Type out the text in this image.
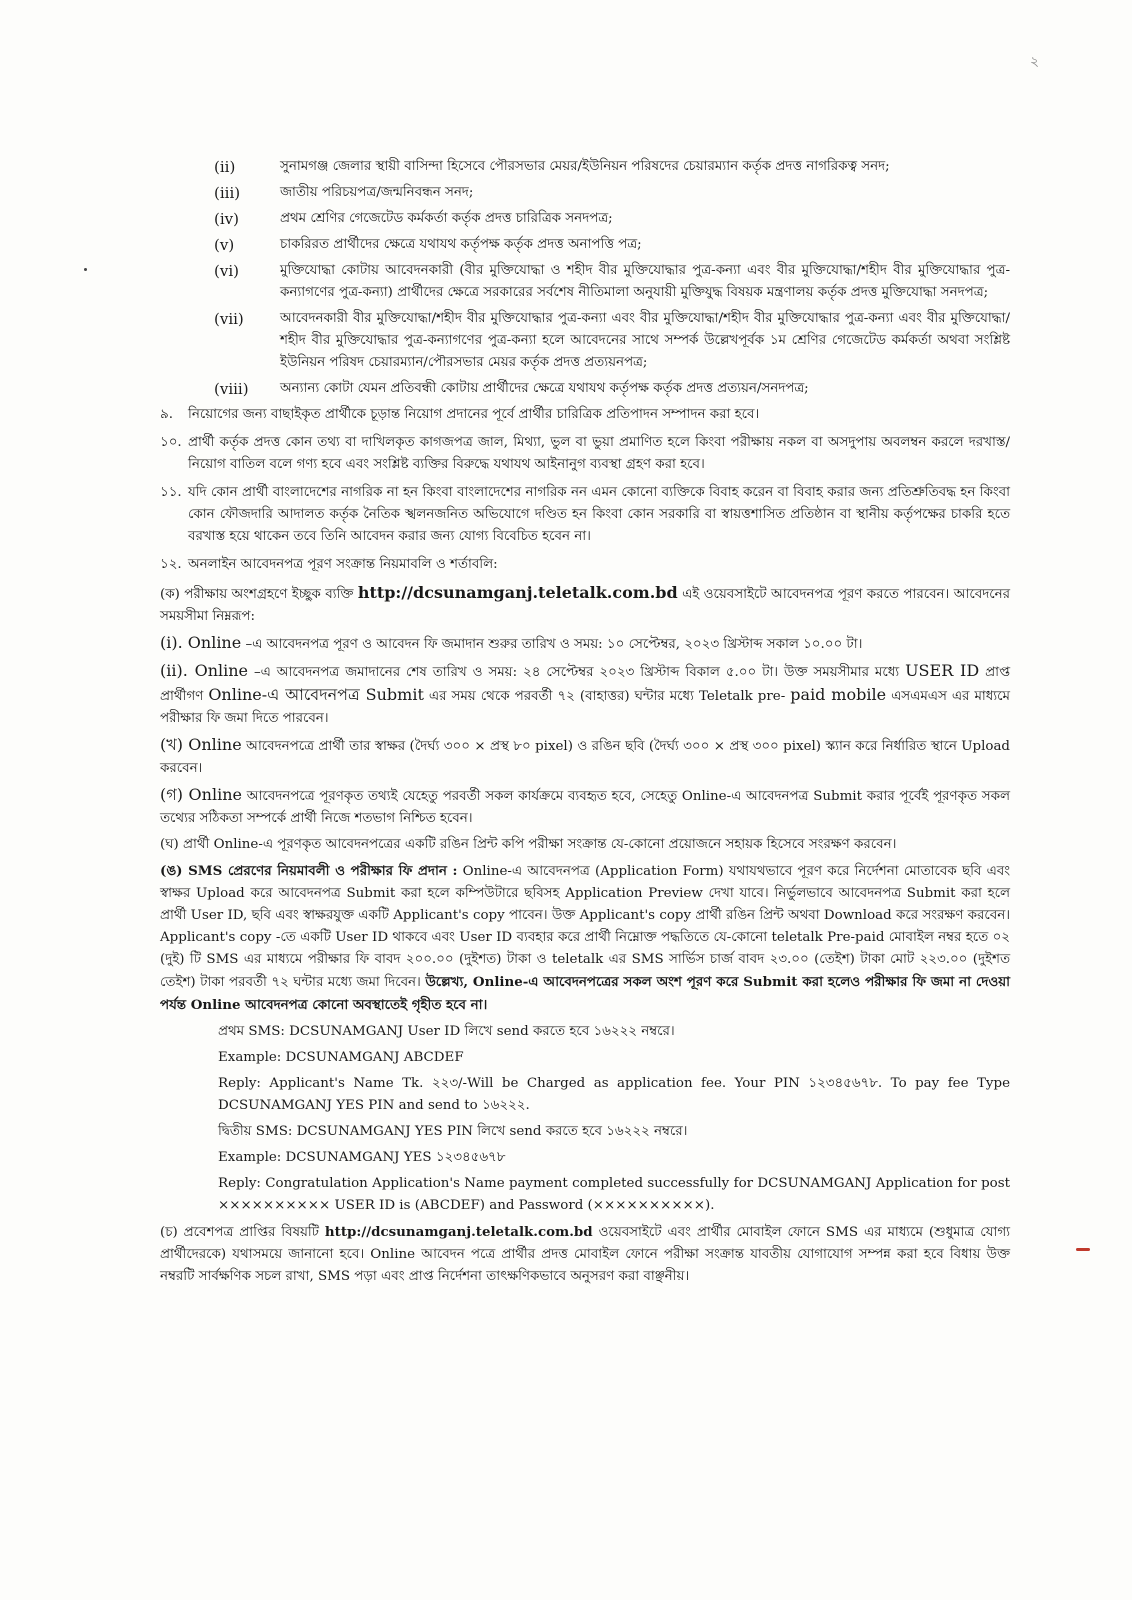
২
(ii)	সুনামগঞ্জ জেলার স্থায়ী বাসিন্দা হিসেবে পৌরসভার মেয়র/ইউনিয়ন পরিষদের চেয়ারম্যান কর্তৃক প্রদত্ত নাগরিকত্ব সনদ;
(iii)	জাতীয় পরিচয়পত্র/জন্মনিবন্ধন সনদ;
(iv)	প্রথম শ্রেণির গেজেটেড কর্মকর্তা কর্তৃক প্রদত্ত চারিত্রিক সনদপত্র;
(v)	চাকরিরত প্রার্থীদের ক্ষেত্রে যথাযথ কর্তৃপক্ষ কর্তৃক প্রদত্ত অনাপত্তি পত্র;
(vi)	মুক্তিযোদ্ধা কোটায় আবেদনকারী (বীর মুক্তিযোদ্ধা ও শহীদ বীর মুক্তিযোদ্ধার পুত্র-কন্যা এবং বীর মুক্তিযোদ্ধা/শহীদ বীর মুক্তিযোদ্ধার পুত্র-কন্যাগণের পুত্র-কন্যা) প্রার্থীদের ক্ষেত্রে সরকারের সর্বশেষ নীতিমালা অনুযায়ী মুক্তিযুদ্ধ বিষয়ক মন্ত্রণালয় কর্তৃক প্রদত্ত মুক্তিযোদ্ধা সনদপত্র;
(vii)	আবেদনকারী বীর মুক্তিযোদ্ধা/শহীদ বীর মুক্তিযোদ্ধার পুত্র-কন্যা এবং বীর মুক্তিযোদ্ধা/শহীদ বীর মুক্তিযোদ্ধার পুত্র-কন্যা এবং বীর মুক্তিযোদ্ধা/শহীদ বীর মুক্তিযোদ্ধার পুত্র-কন্যাগণের পুত্র-কন্যা হলে আবেদনের সাথে সম্পর্ক উল্লেখপূর্বক ১ম শ্রেণির গেজেটেড কর্মকর্তা অথবা সংশ্লিষ্ট ইউনিয়ন পরিষদ চেয়ারম্যান/পৌরসভার মেয়র কর্তৃক প্রদত্ত প্রত্যয়নপত্র;
(viii)	অন্যান্য কোটা যেমন প্রতিবন্ধী কোটায় প্রার্থীদের ক্ষেত্রে যথাযথ কর্তৃপক্ষ কর্তৃক প্রদত্ত প্রত্যয়ন/সনদপত্র;
৯.	নিয়োগের জন্য বাছাইকৃত প্রার্থীকে চূড়ান্ত নিয়োগ প্রদানের পূর্বে প্রার্থীর চারিত্রিক প্রতিপাদন সম্পাদন করা হবে।
১০. প্রার্থী কর্তৃক প্রদত্ত কোন তথ্য বা দাখিলকৃত কাগজপত্র জাল, মিথ্যা, ভুল বা ভুয়া প্রমাণিত হলে কিংবা পরীক্ষায় নকল বা অসদুপায় অবলম্বন করলে দরখাস্ত/নিয়োগ বাতিল বলে গণ্য হবে এবং সংশ্লিষ্ট ব্যক্তির বিরুদ্ধে যথাযথ আইনানুগ ব্যবস্থা গ্রহণ করা হবে।
১১. যদি কোন প্রার্থী বাংলাদেশের নাগরিক না হন কিংবা বাংলাদেশের নাগরিক নন এমন কোনো ব্যক্তিকে বিবাহ করেন বা বিবাহ করার জন্য প্রতিশ্রুতিবদ্ধ হন কিংবা কোন ফৌজদারি আদালত কর্তৃক নৈতিক স্খলনজনিত অভিযোগে দণ্ডিত হন কিংবা কোন সরকারি বা স্বায়ত্তশাসিত প্রতিষ্ঠান বা স্থানীয় কর্তৃপক্ষের চাকরি হতে বরখাস্ত হয়ে থাকেন তবে তিনি আবেদন করার জন্য যোগ্য বিবেচিত হবেন না।
১২. অনলাইন আবেদনপত্র পূরণ সংক্রান্ত নিয়মাবলি ও শর্তাবলি:

(ক) পরীক্ষায় অংশগ্রহণে ইচ্ছুক ব্যক্তি http://dcsunamganj.teletalk.com.bd এই ওয়েবসাইটে আবেদনপত্র পূরণ করতে পারবেন। আবেদনের সময়সীমা নিম্নরূপ:

(i). Online –এ আবেদনপত্র পূরণ ও আবেদন ফি জমাদান শুরুর তারিখ ও সময়: ১০ সেপ্টেম্বর, ২০২৩ খ্রিস্টাব্দ সকাল ১০.০০ টা।

(ii). Online –এ আবেদনপত্র জমাদানের শেষ তারিখ ও সময়: ২৪ সেপ্টেম্বর ২০২৩ খ্রিস্টাব্দ বিকাল ৫.০০ টা। উক্ত সময়সীমার মধ্যে USER ID প্রাপ্ত প্রার্থীগণ Online-এ আবেদনপত্র Submit এর সময় থেকে পরবর্তী ৭২ (বাহাত্তর) ঘন্টার মধ্যে Teletalk pre- paid mobile এসএমএস এর মাধ্যমে পরীক্ষার ফি জমা দিতে পারবেন।

(খ) Online আবেদনপত্রে প্রার্থী তার স্বাক্ষর (দৈর্ঘ্য ৩০০ × প্রস্থ ৮০ pixel) ও রঙিন ছবি (দৈর্ঘ্য ৩০০ × প্রস্থ ৩০০ pixel) স্ক্যান করে নির্ধারিত স্থানে Upload করবেন।

(গ) Online আবেদনপত্রে পূরণকৃত তথ্যই যেহেতু পরবর্তী সকল কার্যক্রমে ব্যবহৃত হবে, সেহেতু Online-এ আবেদনপত্র Submit করার পূর্বেই পূরণকৃত সকল তথ্যের সঠিকতা সম্পর্কে প্রার্থী নিজে শতভাগ নিশ্চিত হবেন।

(ঘ) প্রার্থী Online-এ পূরণকৃত আবেদনপত্রের একটি রঙিন প্রিন্ট কপি পরীক্ষা সংক্রান্ত যে-কোনো প্রয়োজনে সহায়ক হিসেবে সংরক্ষণ করবেন।

(ঙ) SMS প্রেরণের নিয়মাবলী ও পরীক্ষার ফি প্রদান : Online-এ আবেদনপত্র (Application Form) যথাযথভাবে পূরণ করে নির্দেশনা মোতাবেক ছবি এবং স্বাক্ষর Upload করে আবেদনপত্র Submit করা হলে কম্পিউটারে ছবিসহ Application Preview দেখা যাবে। নির্ভুলভাবে আবেদনপত্র Submit করা হলে প্রার্থী User ID, ছবি এবং স্বাক্ষরযুক্ত একটি Applicant's copy পাবেন। উক্ত Applicant's copy প্রার্থী রঙিন প্রিন্ট অথবা Download করে সংরক্ষণ করবেন। Applicant's copy -তে একটি User ID থাকবে এবং User ID ব্যবহার করে প্রার্থী নিম্নোক্ত পদ্ধতিতে যে-কোনো teletalk Pre-paid মোবাইল নম্বর হতে ০২ (দুই) টি SMS এর মাধ্যমে পরীক্ষার ফি বাবদ ২০০.০০ (দুইশত) টাকা ও teletalk এর SMS সার্ভিস চার্জ বাবদ ২৩.০০ (তেইশ) টাকা মোট ২২৩.০০ (দুইশত তেইশ) টাকা পরবর্তী ৭২ ঘন্টার মধ্যে জমা দিবেন। উল্লেখ্য, Online-এ আবেদনপত্রের সকল অংশ পূরণ করে Submit করা হলেও পরীক্ষার ফি জমা না দেওয়া পর্যন্ত Online আবেদনপত্র কোনো অবস্থাতেই গৃহীত হবে না।

প্রথম SMS: DCSUNAMGANJ User ID লিখে send করতে হবে ১৬২২২ নম্বরে।

Example: DCSUNAMGANJ ABCDEF

Reply: Applicant's Name Tk. ২২৩/-Will be Charged as application fee. Your PIN ১২৩৪৫৬৭৮. To pay fee Type DCSUNAMGANJ YES PIN and send to ১৬২২২.

দ্বিতীয় SMS: DCSUNAMGANJ YES PIN লিখে send করতে হবে ১৬২২২ নম্বরে।

Example: DCSUNAMGANJ YES ১২৩৪৫৬৭৮

Reply: Congratulation Application's Name payment completed successfully for DCSUNAMGANJ Application for post ×××××××××× USER ID is (ABCDEF) and Password (××××××××××).

(চ) প্রবেশপত্র প্রাপ্তির বিষয়টি http://dcsunamganj.teletalk.com.bd ওয়েবসাইটে এবং প্রার্থীর মোবাইল ফোনে SMS এর মাধ্যমে (শুধুমাত্র যোগ্য প্রার্থীদেরকে) যথাসময়ে জানানো হবে। Online আবেদন পত্রে প্রার্থীর প্রদত্ত মোবাইল ফোনে পরীক্ষা সংক্রান্ত যাবতীয় যোগাযোগ সম্পন্ন করা হবে বিধায় উক্ত নম্বরটি সার্বক্ষণিক সচল রাখা, SMS পড়া এবং প্রাপ্ত নির্দেশনা তাৎক্ষণিকভাবে অনুসরণ করা বাঞ্ছনীয়।
